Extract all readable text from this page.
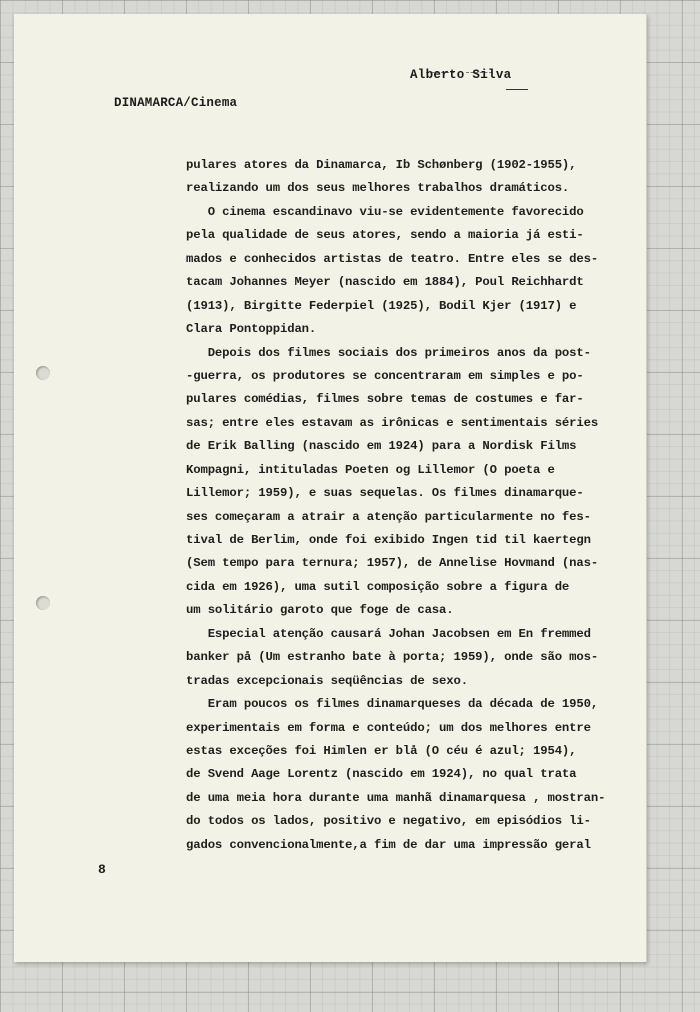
Alberto Silva

DINAMARCA/Cinema

pulares atores da Dinamarca, Ib Schønberg (1902-1955),
realizando um dos seus melhores trabalhos dramáticos.
O cinema escandinavo viu-se evidentemente favorecido
pela qualidade de seus atores, sendo a maioria já esti-
mados e conhecidos artistas de teatro. Entre eles se des-
tacam Johannes Meyer (nascido em 1884), Poul Reichhardt
(1913), Birgitte Federpiel (1925), Bodil Kjer (1917) e
Clara Pontoppidan.
Depois dos filmes sociais dos primeiros anos da post-
-guerra, os produtores se concentraram em simples e po-
pulares comédias, filmes sobre temas de costumes e far-
sas; entre eles estavam as irônicas e sentimentais séries
de Erik Balling (nascido em 1924) para a Nordisk Films
Kompagni, intituladas Poeten og Lillemor (O poeta e
Lillemor; 1959), e suas sequelas. Os filmes dinamarque-
ses começaram a atrair a atenção particularmente no fes-
tival de Berlim, onde foi exibido Ingen tid til kaertegn
(Sem tempo para ternura; 1957), de Annelise Hovmand (nas-
cida em 1926), uma sutil composição sobre a figura de
um solitário garoto que foge de casa.
Especial atenção causará Johan Jacobsen em En fremmed
banker på (Um estranho bate à porta; 1959), onde são mos-
tradas excepcionais seqüências de sexo.
Eram poucos os filmes dinamarqueses da década de 1950,
experimentais em forma e conteúdo; um dos melhores entre
estas exceções foi Himlen er blå (O céu é azul; 1954),
de Svend Aage Lorentz (nascido em 1924), no qual trata
de uma meia hora durante uma manhã dinamarquesa , mostran-
do todos os lados, positivo e negativo, em episódios li-
gados convencionalmente,a fim de dar uma impressão geral

8
